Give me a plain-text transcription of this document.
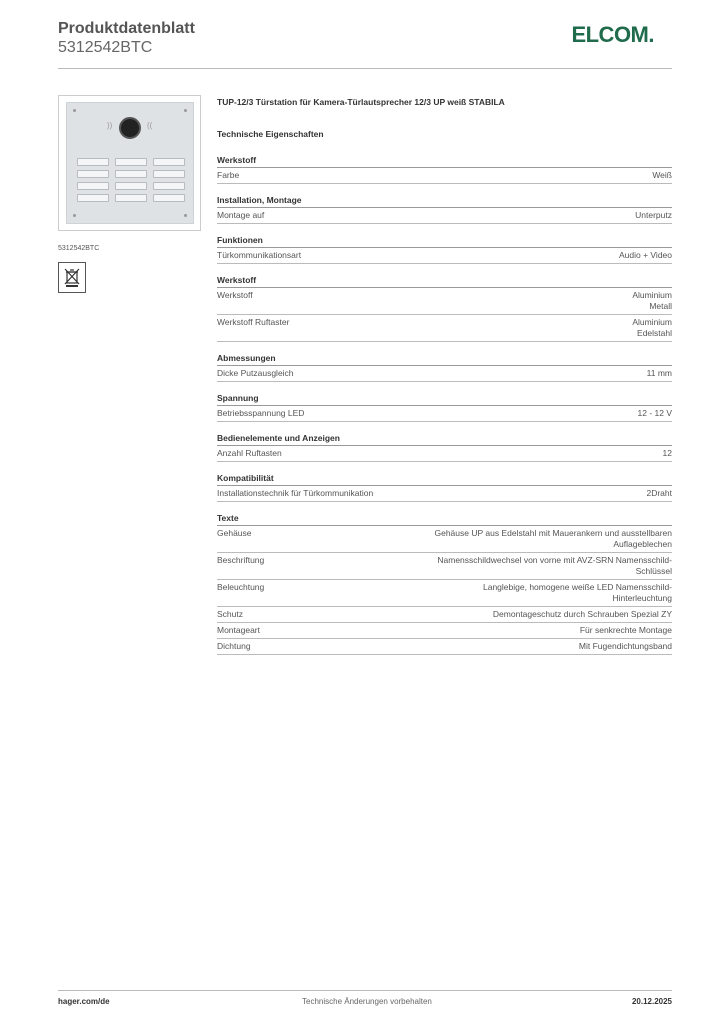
Produktdatenblatt
5312542BTC
ELCOM.
))	((
5312542BTC
TUP-12/3 Türstation für Kamera-Türlautsprecher 12/3 UP weiß STABILA
Technische Eigenschaften
Werkstoff
Farbe	Weiß
Installation, Montage
Montage auf	Unterputz
Funktionen
Türkommunikationsart	Audio + Video
Werkstoff
Werkstoff	Aluminium
Metall
Werkstoff Ruftaster	Aluminium
Edelstahl
Abmessungen
Dicke Putzausgleich	11 mm
Spannung
Betriebsspannung LED	12 - 12 V
Bedienelemente und Anzeigen
Anzahl Ruftasten	12
Kompatibilität
Installationstechnik für Türkommunikation	2Draht
Texte
Gehäuse	Gehäuse UP aus Edelstahl mit Mauerankern und ausstellbaren
Auflageblechen
Beschriftung	Namensschildwechsel von vorne mit AVZ-SRN Namensschild-
Schlüssel
Beleuchtung	Langlebige, homogene weiße LED Namensschild-
Hinterleuchtung
Schutz	Demontageschutz durch Schrauben Spezial ZY
Montageart	Für senkrechte Montage
Dichtung	Mit Fugendichtungsband
hager.com/de	Technische Änderungen vorbehalten	20.12.2025
